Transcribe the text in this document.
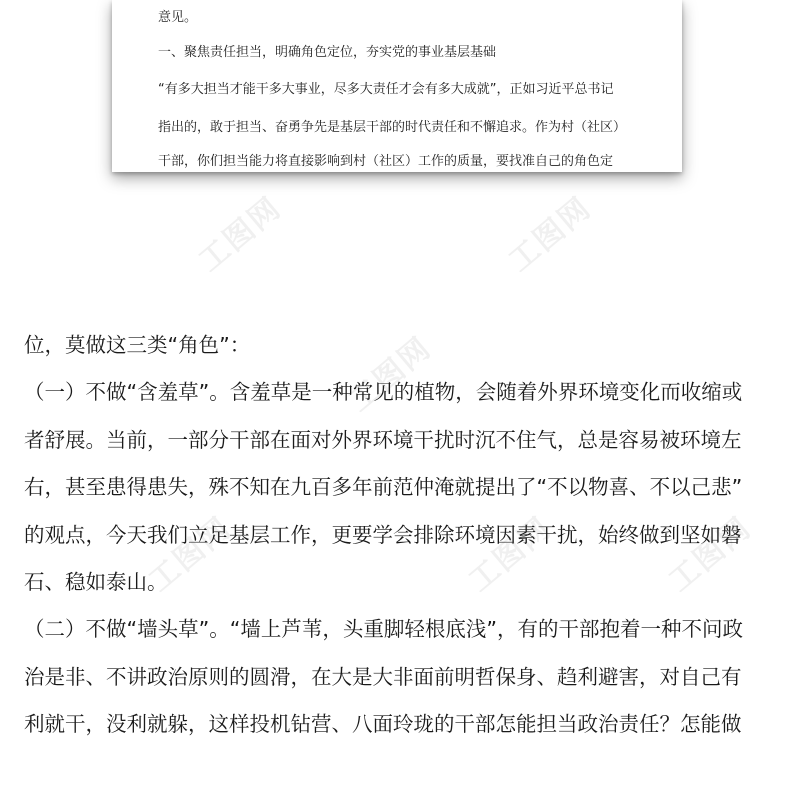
工图网	工图网
工图网
工图网	工图网	工图网
意见。
一、聚焦责任担当，明确角色定位，夯实党的事业基层基础
“有多大担当才能干多大事业，尽多大责任才会有多大成就”，正如习近平总书记
指出的，敢于担当、奋勇争先是基层干部的时代责任和不懈追求。作为村（社区）
干部，你们担当能力将直接影响到村（社区）工作的质量，要找准自己的角色定
位，莫做这三类“角色”：
（一）不做“含羞草”。含羞草是一种常见的植物，会随着外界环境变化而收缩或
者舒展。当前，一部分干部在面对外界环境干扰时沉不住气，总是容易被环境左
右，甚至患得患失，殊不知在九百多年前范仲淹就提出了“不以物喜、不以己悲”
的观点，今天我们立足基层工作，更要学会排除环境因素干扰，始终做到坚如磐
石、稳如泰山。
（二）不做“墙头草”。“墙上芦苇，头重脚轻根底浅”，有的干部抱着一种不问政
治是非、不讲政治原则的圆滑，在大是大非面前明哲保身、趋利避害，对自己有
利就干，没利就躲，这样投机钻营、八面玲珑的干部怎能担当政治责任？怎能做
